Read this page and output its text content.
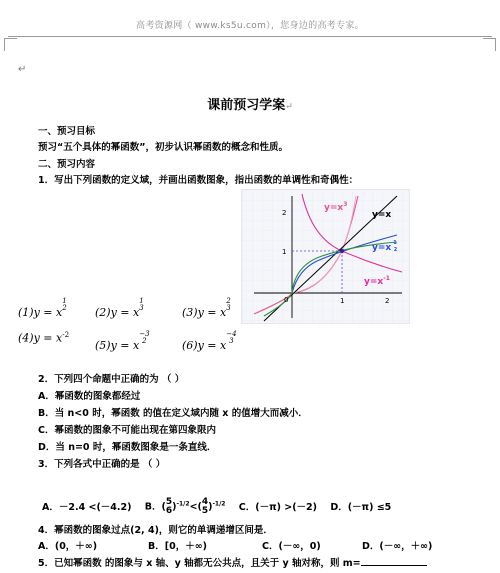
高考资源网（ www.ks5u.com），您身边的高考专家。
↵
课前预习学案↵
一、预习目标
预习“五个具体的幂函数”，初步认识幂函数的概念和性质。
二、预习内容
1．写出下列函数的定义域，并画出函数图象，指出函数的单调性和奇偶性：
2
1
1	2
0
$y=x^3$
y=x
y=x $^1$ 2
$y=x^{-1}$
(1)y = x1
2	(2)y = x1
3	(3)y = x2
3
$(4)y = x^{-2}$
(5)y = x− 3
2	(6)y = x− 4
3
2．下列四个命题中正确的为 （ ）
A．幂函数的图象都经过
B．当 n<0 时，幂函数 的值在定义域内随 x 的值增大而减小．
C．幂函数的图象不可能出现在第四象限内
D．当 n=0 时，幂函数图象是一条直线．
3．下列各式中正确的是 （ ）
A．－2.4 <(－4.2) B．(5
6)$^{-1/2}$<(4
5)$^{-1/2}$ C．(－π) >(－2) D．(－π) ≤5
4．幂函数的图象过点(2, 4)，则它的单调递增区间是．
A．(0，＋∞)	B．[0，＋∞)	C．(－∞，0)	D．(－∞，＋∞)
5．已知幂函数 的图象与 x 轴、y 轴都无公共点，且关于 y 轴对称，则 m=
